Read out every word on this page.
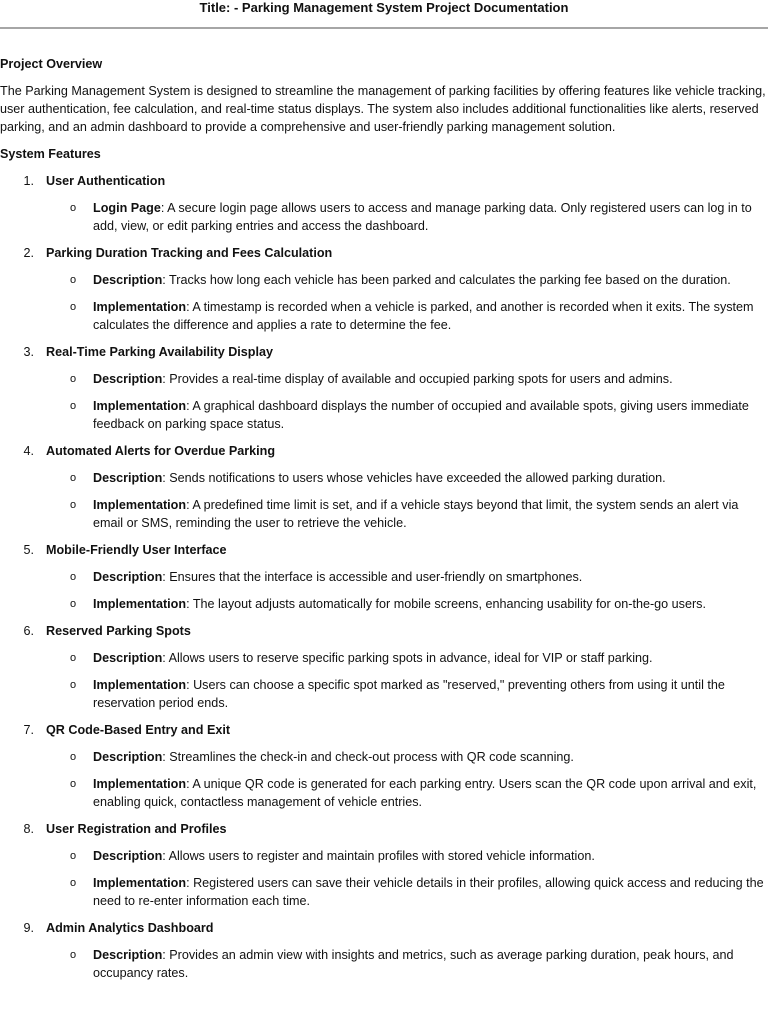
Title: - Parking Management System Project Documentation

Project Overview

The Parking Management System is designed to streamline the management of parking facilities by offering features like vehicle tracking, user authentication, fee calculation, and real-time status displays. The system also includes additional functionalities like alerts, reserved parking, and an admin dashboard to provide a comprehensive and user-friendly parking management solution.

System Features

1. User Authentication
o	Login Page: A secure login page allows users to access and manage parking data. Only registered users can log in to add, view, or edit parking entries and access the dashboard.
2. Parking Duration Tracking and Fees Calculation
o	Description: Tracks how long each vehicle has been parked and calculates the parking fee based on the duration.
o	Implementation: A timestamp is recorded when a vehicle is parked, and another is recorded when it exits. The system calculates the difference and applies a rate to determine the fee.
3. Real-Time Parking Availability Display
o	Description: Provides a real-time display of available and occupied parking spots for users and admins.
o	Implementation: A graphical dashboard displays the number of occupied and available spots, giving users immediate feedback on parking space status.
4. Automated Alerts for Overdue Parking
o	Description: Sends notifications to users whose vehicles have exceeded the allowed parking duration.
o	Implementation: A predefined time limit is set, and if a vehicle stays beyond that limit, the system sends an alert via email or SMS, reminding the user to retrieve the vehicle.
5. Mobile-Friendly User Interface
o	Description: Ensures that the interface is accessible and user-friendly on smartphones.
o	Implementation: The layout adjusts automatically for mobile screens, enhancing usability for on-the-go users.
6. Reserved Parking Spots
o	Description: Allows users to reserve specific parking spots in advance, ideal for VIP or staff parking.
o	Implementation: Users can choose a specific spot marked as "reserved," preventing others from using it until the reservation period ends.
7. QR Code-Based Entry and Exit
o	Description: Streamlines the check-in and check-out process with QR code scanning.
o	Implementation: A unique QR code is generated for each parking entry. Users scan the QR code upon arrival and exit, enabling quick, contactless management of vehicle entries.
8. User Registration and Profiles
o	Description: Allows users to register and maintain profiles with stored vehicle information.
o	Implementation: Registered users can save their vehicle details in their profiles, allowing quick access and reducing the need to re-enter information each time.
9. Admin Analytics Dashboard
o	Description: Provides an admin view with insights and metrics, such as average parking duration, peak hours, and occupancy rates.
